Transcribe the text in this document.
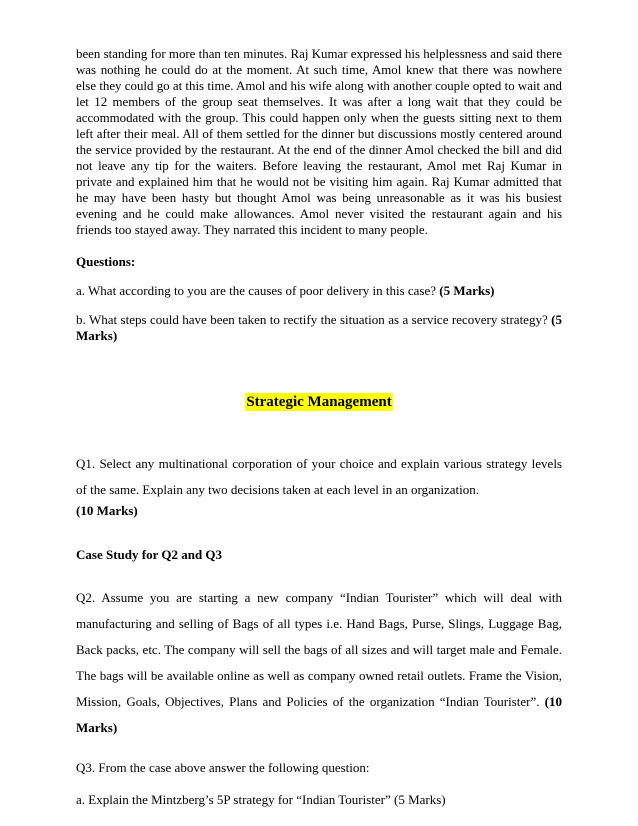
been standing for more than ten minutes. Raj Kumar expressed his helplessness and said there was nothing he could do at the moment. At such time, Amol knew that there was nowhere else they could go at this time. Amol and his wife along with another couple opted to wait and let 12 members of the group seat themselves. It was after a long wait that they could be accommodated with the group. This could happen only when the guests sitting next to them left after their meal. All of them settled for the dinner but discussions mostly centered around the service provided by the restaurant. At the end of the dinner Amol checked the bill and did not leave any tip for the waiters. Before leaving the restaurant, Amol met Raj Kumar in private and explained him that he would not be visiting him again. Raj Kumar admitted that he may have been hasty but thought Amol was being unreasonable as it was his busiest evening and he could make allowances. Amol never visited the restaurant again and his friends too stayed away. They narrated this incident to many people.

Questions:

a. What according to you are the causes of poor delivery in this case? (5 Marks)

b. What steps could have been taken to rectify the situation as a service recovery strategy? (5 Marks)

Strategic Management

Q1. Select any multinational corporation of your choice and explain various strategy levels of the same. Explain any two decisions taken at each level in an organization.

(10 Marks)

Case Study for Q2 and Q3

Q2. Assume you are starting a new company “Indian Tourister” which will deal with manufacturing and selling of Bags of all types i.e. Hand Bags, Purse, Slings, Luggage Bag, Back packs, etc. The company will sell the bags of all sizes and will target male and Female. The bags will be available online as well as company owned retail outlets. Frame the Vision, Mission, Goals, Objectives, Plans and Policies of the organization “Indian Tourister”. (10 Marks)

Q3. From the case above answer the following question:

a. Explain the Mintzberg’s 5P strategy for “Indian Tourister” (5 Marks)
